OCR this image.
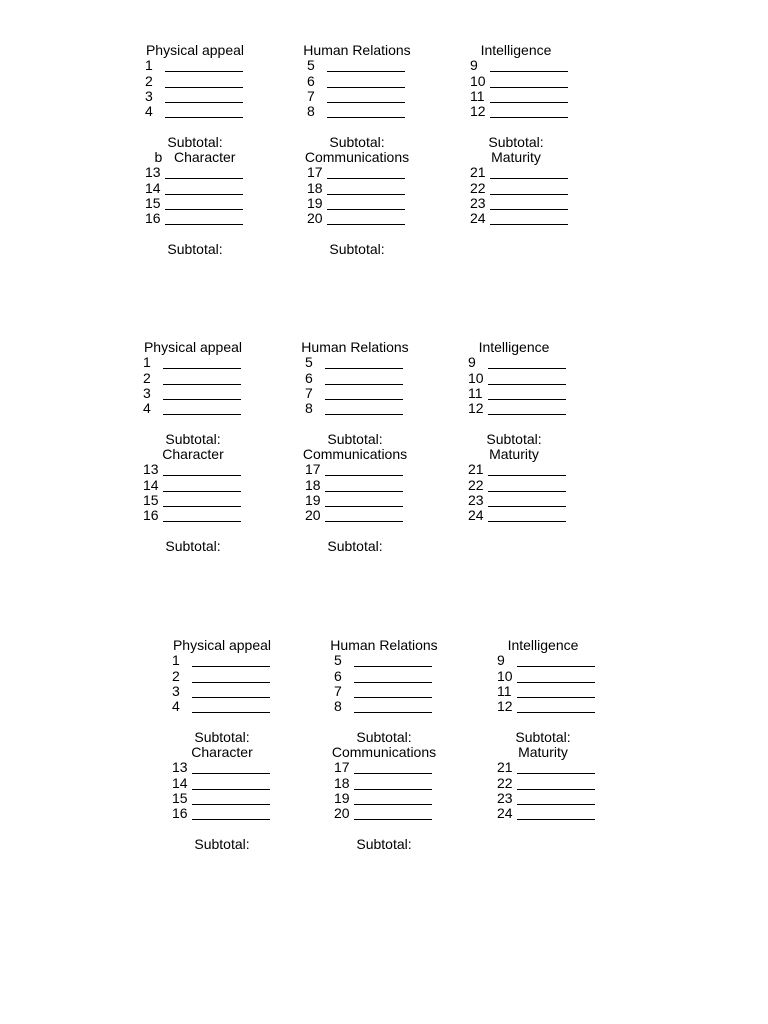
Physical appeal
1
2
3
4
Subtotal:
b   Character
13
14
15
16
Subtotal:
Human Relations
5
6
7
8
Subtotal:
Communications
17
18
19
20
Subtotal:
Intelligence
9
10
11
12
Subtotal:
Maturity
21
22
23
24
Physical appeal
1
2
3
4
Subtotal:
Character
13
14
15
16
Subtotal:
Human Relations
5
6
7
8
Subtotal:
Communications
17
18
19
20
Subtotal:
Intelligence
9
10
11
12
Subtotal:
Maturity
21
22
23
24
Physical appeal
1
2
3
4
Subtotal:
Character
13
14
15
16
Subtotal:
Human Relations
5
6
7
8
Subtotal:
Communications
17
18
19
20
Subtotal:
Intelligence
9
10
11
12
Subtotal:
Maturity
21
22
23
24
